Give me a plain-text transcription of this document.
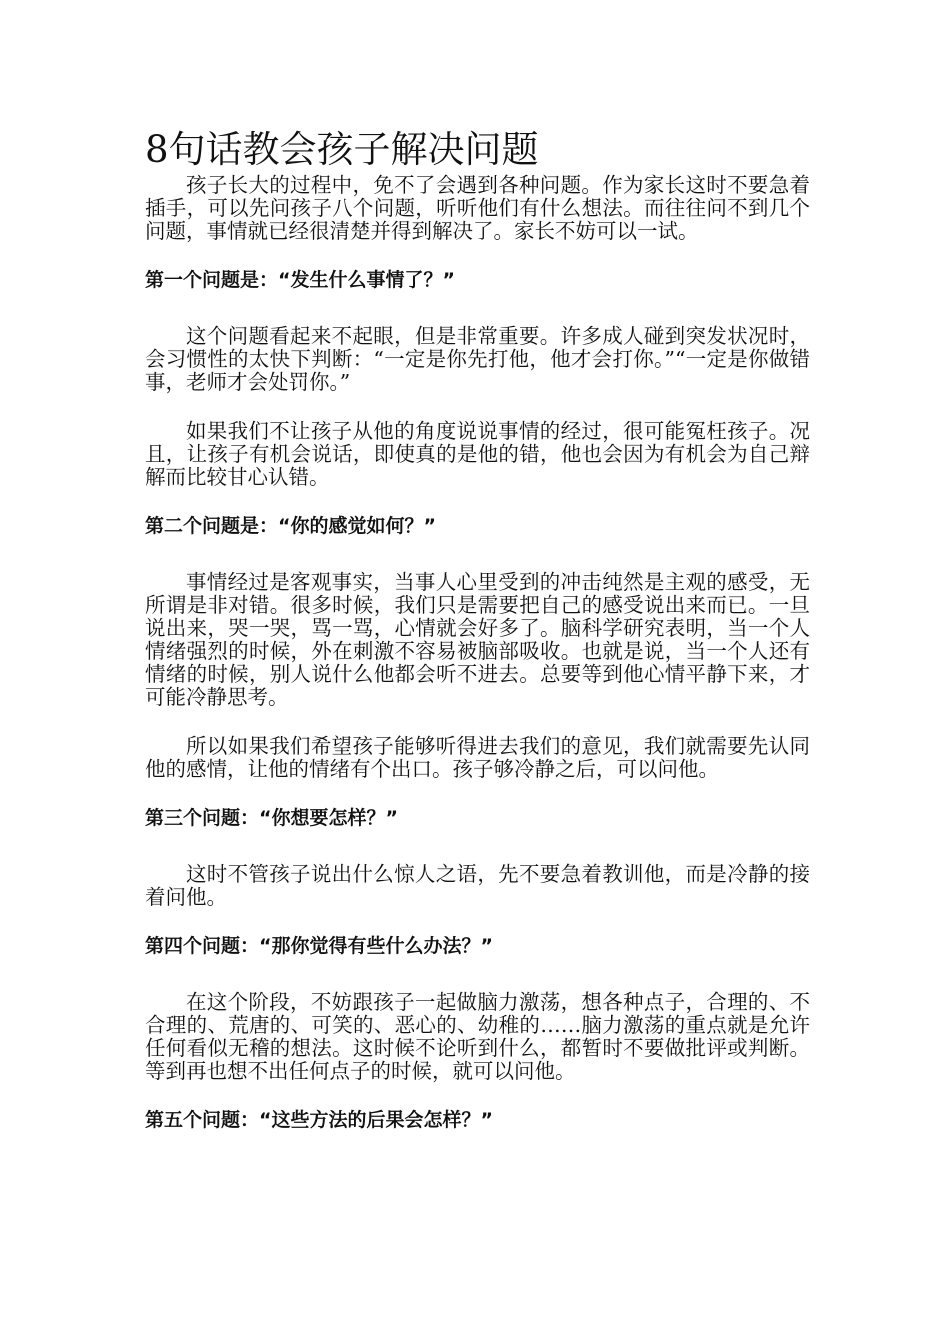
8句话教会孩子解决问题

孩子长大的过程中，免不了会遇到各种问题。作为家长这时不要急着插手，可以先问孩子八个问题，听听他们有什么想法。而往往问不到几个问题，事情就已经很清楚并得到解决了。家长不妨可以一试。

第一个问题是：“发生什么事情了？”

这个问题看起来不起眼，但是非常重要。许多成人碰到突发状况时，会习惯性的太快下判断：“一定是你先打他，他才会打你。”“一定是你做错事，老师才会处罚你。”

如果我们不让孩子从他的角度说说事情的经过，很可能冤枉孩子。况且，让孩子有机会说话，即使真的是他的错，他也会因为有机会为自己辩解而比较甘心认错。

第二个问题是：“你的感觉如何？”

事情经过是客观事实，当事人心里受到的冲击纯然是主观的感受，无所谓是非对错。很多时候，我们只是需要把自己的感受说出来而已。一旦说出来，哭一哭，骂一骂，心情就会好多了。脑科学研究表明，当一个人情绪强烈的时候，外在刺激不容易被脑部吸收。也就是说，当一个人还有情绪的时候，别人说什么他都会听不进去。总要等到他心情平静下来，才可能冷静思考。

所以如果我们希望孩子能够听得进去我们的意见，我们就需要先认同他的感情，让他的情绪有个出口。孩子够冷静之后，可以问他。

第三个问题：“你想要怎样？”

这时不管孩子说出什么惊人之语，先不要急着教训他，而是冷静的接着问他。

第四个问题：“那你觉得有些什么办法？”

在这个阶段，不妨跟孩子一起做脑力激荡，想各种点子，合理的、不合理的、荒唐的、可笑的、恶心的、幼稚的……脑力激荡的重点就是允许任何看似无稽的想法。这时候不论听到什么，都暂时不要做批评或判断。等到再也想不出任何点子的时候，就可以问他。

第五个问题：“这些方法的后果会怎样？”
